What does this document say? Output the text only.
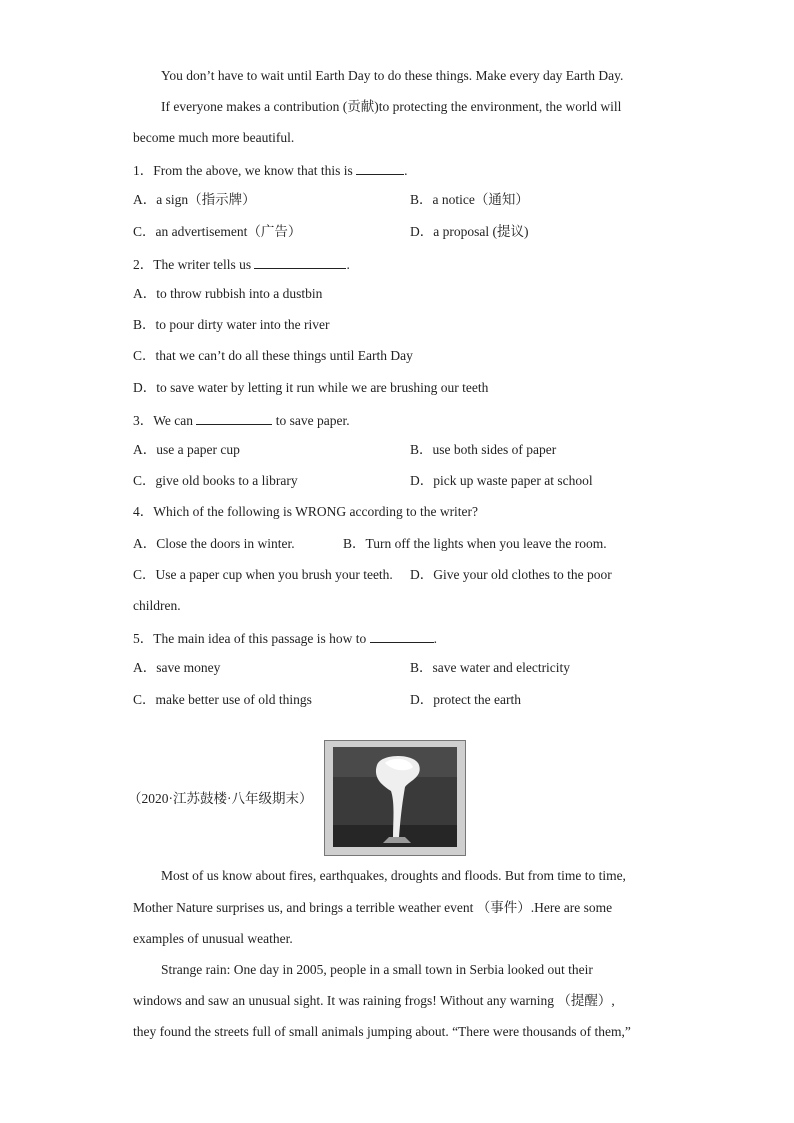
You don’t have to wait until Earth Day to do these things. Make every day Earth Day.
If everyone makes a contribution (贡献)to protecting the environment, the world will
become much more beautiful.
1．From the above, we know that this is	.
A．a sign（指示牌）	B．a notice（通知）
C．an advertisement（广告）	D．a proposal (提议)
2．The writer tells us	.
A．to throw rubbish into a dustbin
B．to pour dirty water into the river
C．that we can’t do all these things until Earth Day
D．to save water by letting it run while we are brushing our teeth
3．We can	to save paper.
A．use a paper cup	B．use both sides of paper
C．give old books to a library	D．pick up waste paper at school
4．Which of the following is WRONG according to the writer?
A．Close the doors in winter.	B．Turn off the lights when you leave the room.
C．Use a paper cup when you brush your teeth. D．Give your old clothes to the poor
children.
5．The main idea of this passage is how to	.
A．save money	B．save water and electricity
C．make better use of old things	D．protect the earth
（2020·江苏鼓楼·八年级期末）
Most of us know about fires, earthquakes, droughts and floods. But from time to time,
Mother Nature surprises us, and brings a terrible weather event （事件）.Here are some
examples of unusual weather.
Strange rain: One day in 2005, people in a small town in Serbia looked out their
windows and saw an unusual sight. It was raining frogs! Without any warning （提醒）,
they found the streets full of small animals jumping about. “There were thousands of them,”
